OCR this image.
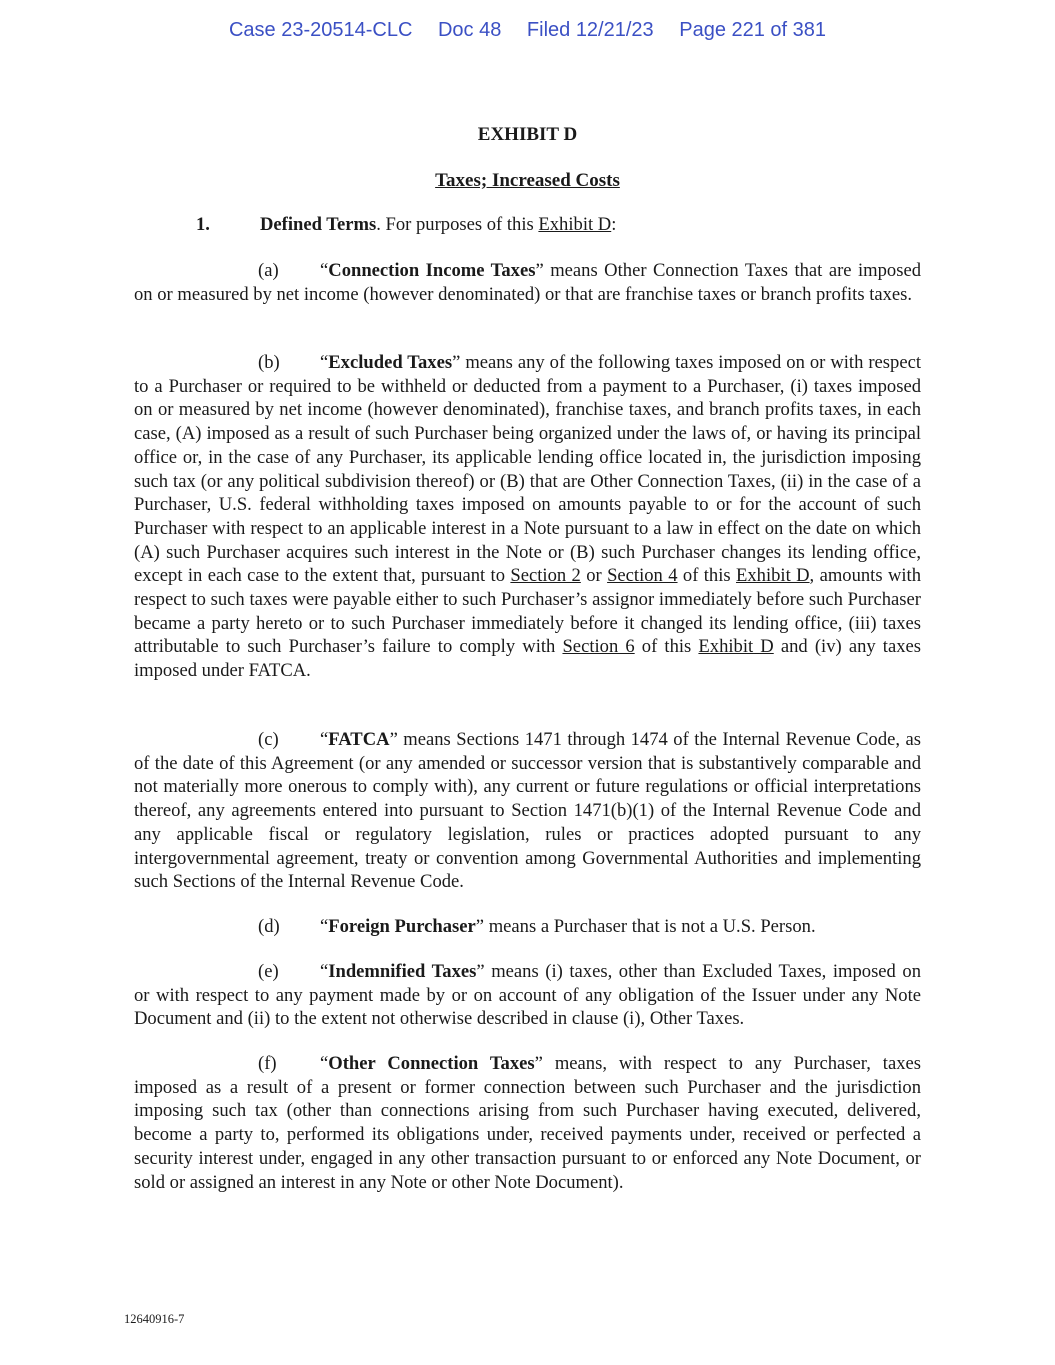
Case 23-20514-CLC Doc 48 Filed 12/21/23 Page 221 of 381
EXHIBIT D
Taxes; Increased Costs
1.	Defined Terms. For purposes of this Exhibit D:
(a) “Connection Income Taxes” means Other Connection Taxes that are imposed on or measured by net income (however denominated) or that are franchise taxes or branch profits taxes.
(b) “Excluded Taxes” means any of the following taxes imposed on or with respect to a Purchaser or required to be withheld or deducted from a payment to a Purchaser, (i) taxes imposed on or measured by net income (however denominated), franchise taxes, and branch profits taxes, in each case, (A) imposed as a result of such Purchaser being organized under the laws of, or having its principal office or, in the case of any Purchaser, its applicable lending office located in, the jurisdiction imposing such tax (or any political subdivision thereof) or (B) that are Other Connection Taxes, (ii) in the case of a Purchaser, U.S. federal withholding taxes imposed on amounts payable to or for the account of such Purchaser with respect to an applicable interest in a Note pursuant to a law in effect on the date on which (A) such Purchaser acquires such interest in the Note or (B) such Purchaser changes its lending office, except in each case to the extent that, pursuant to Section 2 or Section 4 of this Exhibit D, amounts with respect to such taxes were payable either to such Purchaser’s assignor immediately before such Purchaser became a party hereto or to such Purchaser immediately before it changed its lending office, (iii) taxes attributable to such Purchaser’s failure to comply with Section 6 of this Exhibit D and (iv) any taxes imposed under FATCA.
(c) “FATCA” means Sections 1471 through 1474 of the Internal Revenue Code, as of the date of this Agreement (or any amended or successor version that is substantively comparable and not materially more onerous to comply with), any current or future regulations or official interpretations thereof, any agreements entered into pursuant to Section 1471(b)(1) of the Internal Revenue Code and any applicable fiscal or regulatory legislation, rules or practices adopted pursuant to any intergovernmental agreement, treaty or convention among Governmental Authorities and implementing such Sections of the Internal Revenue Code.
(d) “Foreign Purchaser” means a Purchaser that is not a U.S. Person.
(e) “Indemnified Taxes” means (i) taxes, other than Excluded Taxes, imposed on or with respect to any payment made by or on account of any obligation of the Issuer under any Note Document and (ii) to the extent not otherwise described in clause (i), Other Taxes.
(f) “Other Connection Taxes” means, with respect to any Purchaser, taxes imposed as a result of a present or former connection between such Purchaser and the jurisdiction imposing such tax (other than connections arising from such Purchaser having executed, delivered, become a party to, performed its obligations under, received payments under, received or perfected a security interest under, engaged in any other transaction pursuant to or enforced any Note Document, or sold or assigned an interest in any Note or other Note Document).
12640916-7
